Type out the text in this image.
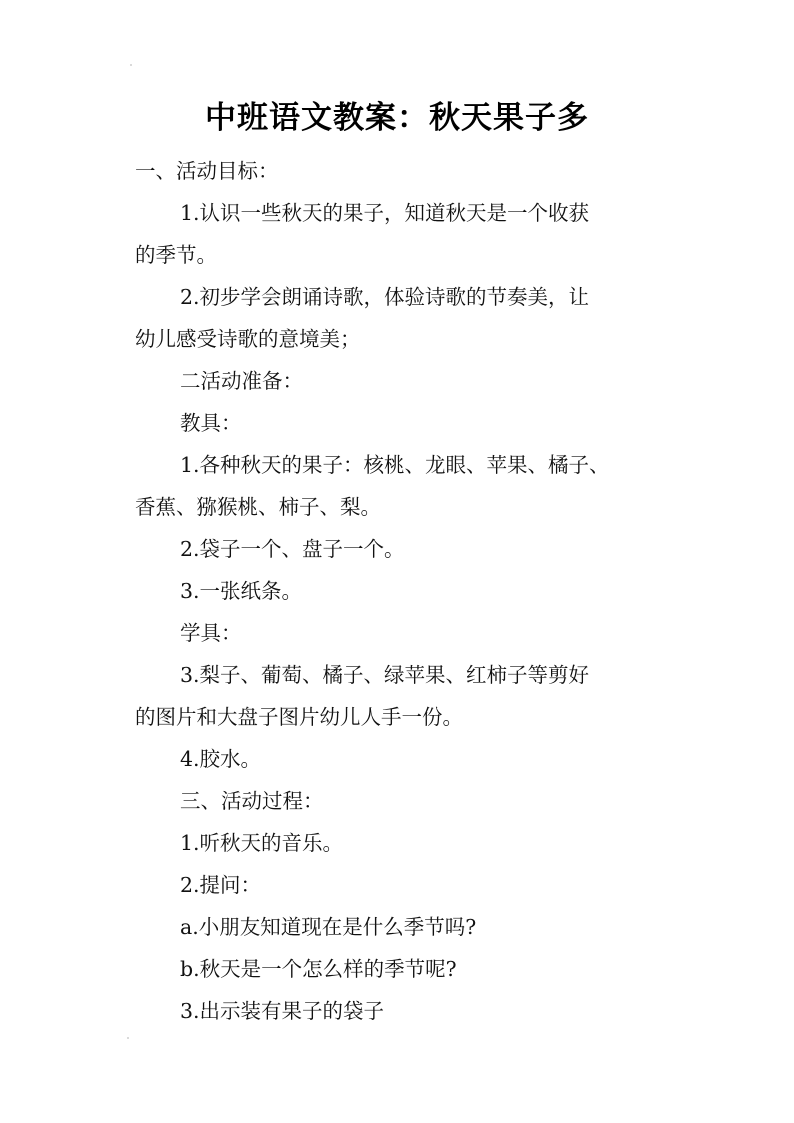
中班语文教案：秋天果子多

一、活动目标：

1.认识一些秋天的果子，知道秋天是一个收获

的季节。

2.初步学会朗诵诗歌，体验诗歌的节奏美，让

幼儿感受诗歌的意境美；

二活动准备：

教具：

1.各种秋天的果子：核桃、龙眼、苹果、橘子、

香蕉、猕猴桃、柿子、梨。

2.袋子一个、盘子一个。

3.一张纸条。

学具：

3.梨子、葡萄、橘子、绿苹果、红柿子等剪好

的图片和大盘子图片幼儿人手一份。

4.胶水。

三、活动过程：

1.听秋天的音乐。

2.提问：

a.小朋友知道现在是什么季节吗?

b.秋天是一个怎么样的季节呢?

3.出示装有果子的袋子
